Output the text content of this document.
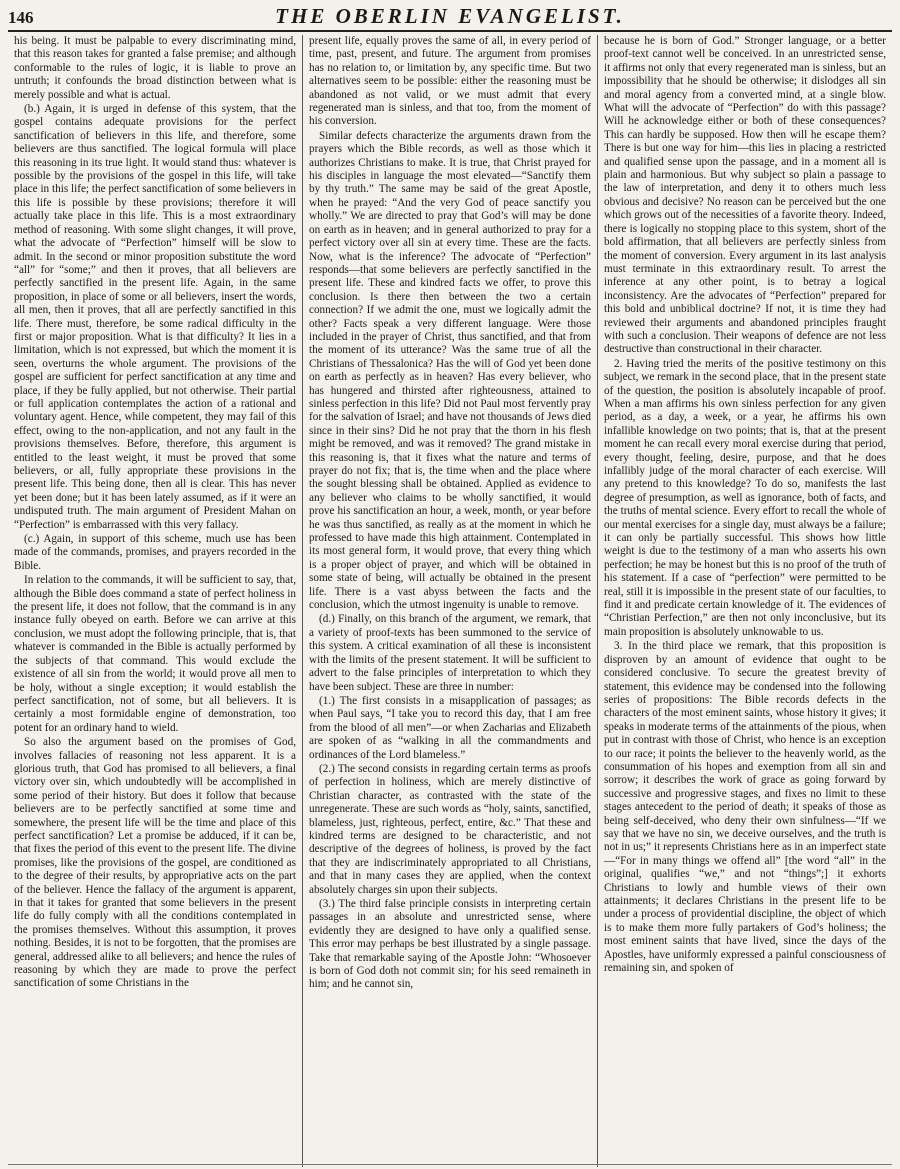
146	THE OBERLIN EVANGELIST.

his being. It must be palpable to every discriminating mind, that this reason takes for granted a false premise; and although conformable to the rules of logic, it is liable to prove an untruth; it confounds the broad distinction between what is merely possible and what is actual.

(b.) Again, it is urged in defense of this system, that the gospel contains adequate provisions for the perfect sanctification of believers in this life, and therefore, some believers are thus sanctified. The logical formula will place this reasoning in its true light. It would stand thus: whatever is possible by the provisions of the gospel in this life, will take place in this life; the perfect sanctification of some believers in this life is possible by these provisions; therefore it will actually take place in this life. This is a most extraordinary method of reasoning. With some slight changes, it will prove, what the advocate of “Perfection” himself will be slow to admit. In the second or minor proposition substitute the word “all” for “some;” and then it proves, that all believers are perfectly sanctified in the present life. Again, in the same proposition, in place of some or all believers, insert the words, all men, then it proves, that all are perfectly sanctified in this life. There must, therefore, be some radical difficulty in the first or major proposition. What is that difficulty? It lies in a limitation, which is not expressed, but which the moment it is seen, overturns the whole argument. The provisions of the gospel are sufficient for perfect sanctification at any time and place, if they be fully applied, but not otherwise. Their partial or full application contemplates the action of a rational and voluntary agent. Hence, while competent, they may fail of this effect, owing to the non-application, and not any fault in the provisions themselves. Before, therefore, this argument is entitled to the least weight, it must be proved that some believers, or all, fully appropriate these provisions in the present life. This being done, then all is clear. This has never yet been done; but it has been lately assumed, as if it were an undisputed truth. The main argument of President Mahan on “Perfection” is embarrassed with this very fallacy.

(c.) Again, in support of this scheme, much use has been made of the commands, promises, and prayers recorded in the Bible.

In relation to the commands, it will be sufficient to say, that, although the Bible does command a state of perfect holiness in the present life, it does not follow, that the command is in any instance fully obeyed on earth. Before we can arrive at this conclusion, we must adopt the following principle, that is, that whatever is commanded in the Bible is actually performed by the subjects of that command. This would exclude the existence of all sin from the world; it would prove all men to be holy, without a single exception; it would establish the perfect sanctification, not of some, but all believers. It is certainly a most formidable engine of demonstration, too potent for an ordinary hand to wield.

So also the argument based on the promises of God, involves fallacies of reasoning not less apparent. It is a glorious truth, that God has promised to all believers, a final victory over sin, which undoubtedly will be accomplished in some period of their history. But does it follow that because believers are to be perfectly sanctified at some time and somewhere, the present life will be the time and place of this perfect sanctification? Let a promise be adduced, if it can be, that fixes the period of this event to the present life. The divine promises, like the provisions of the gospel, are conditioned as to the degree of their results, by appropriative acts on the part of the believer. Hence the fallacy of the argument is apparent, in that it takes for granted that some believers in the present life do fully comply with all the conditions contemplated in the promises themselves. Without this assumption, it proves nothing. Besides, it is not to be forgotten, that the promises are general, addressed alike to all believers; and hence the rules of reasoning by which they are made to prove the perfect sanctification of some Christians in the

present life, equally proves the same of all, in every period of time, past, present, and future. The argument from promises has no relation to, or limitation by, any specific time. But two alternatives seem to be possible: either the reasoning must be abandoned as not valid, or we must admit that every regenerated man is sinless, and that too, from the moment of his conversion.

Similar defects characterize the arguments drawn from the prayers which the Bible records, as well as those which it authorizes Christians to make. It is true, that Christ prayed for his disciples in language the most elevated—“Sanctify them by thy truth.” The same may be said of the great Apostle, when he prayed: “And the very God of peace sanctify you wholly.” We are directed to pray that God’s will may be done on earth as in heaven; and in general authorized to pray for a perfect victory over all sin at every time. These are the facts. Now, what is the inference? The advocate of “Perfection” responds—that some believers are perfectly sanctified in the present life. These and kindred facts we offer, to prove this conclusion. Is there then between the two a certain connection? If we admit the one, must we logically admit the other? Facts speak a very different language. Were those included in the prayer of Christ, thus sanctified, and that from the moment of its utterance? Was the same true of all the Christians of Thessalonica? Has the will of God yet been done on earth as perfectly as in heaven? Has every believer, who has hungered and thirsted after righteousness, attained to sinless perfection in this life? Did not Paul most fervently pray for the salvation of Israel; and have not thousands of Jews died since in their sins? Did he not pray that the thorn in his flesh might be removed, and was it removed? The grand mistake in this reasoning is, that it fixes what the nature and terms of prayer do not fix; that is, the time when and the place where the sought blessing shall be obtained. Applied as evidence to any believer who claims to be wholly sanctified, it would prove his sanctification an hour, a week, month, or year before he was thus sanctified, as really as at the moment in which he professed to have made this high attainment. Contemplated in its most general form, it would prove, that every thing which is a proper object of prayer, and which will be obtained in some state of being, will actually be obtained in the present life. There is a vast abyss between the facts and the conclusion, which the utmost ingenuity is unable to remove.

(d.) Finally, on this branch of the argument, we remark, that a variety of proof-texts has been summoned to the service of this system. A critical examination of all these is inconsistent with the limits of the present statement. It will be sufficient to advert to the false principles of interpretation to which they have been subject. These are three in number:

(1.) The first consists in a misapplication of passages; as when Paul says, “I take you to record this day, that I am free from the blood of all men”—or when Zacharias and Elizabeth are spoken of as “walking in all the commandments and ordinances of the Lord blameless.”

(2.) The second consists in regarding certain terms as proofs of perfection in holiness, which are merely distinctive of Christian character, as contrasted with the state of the unregenerate. These are such words as “holy, saints, sanctified, blameless, just, righteous, perfect, entire, &c.” That these and kindred terms are designed to be characteristic, and not descriptive of the degrees of holiness, is proved by the fact that they are indiscriminately appropriated to all Christians, and that in many cases they are applied, when the context absolutely charges sin upon their subjects.

(3.) The third false principle consists in interpreting certain passages in an absolute and unrestricted sense, where evidently they are designed to have only a qualified sense. This error may perhaps be best illustrated by a single passage. Take that remarkable saying of the Apostle John: “Whosoever is born of God doth not commit sin; for his seed remaineth in him; and he cannot sin,

because he is born of God.” Stronger language, or a better proof-text cannot well be conceived. In an unrestricted sense, it affirms not only that every regenerated man is sinless, but an impossibility that he should be otherwise; it dislodges all sin and moral agency from a converted mind, at a single blow. What will the advocate of “Perfection” do with this passage? Will he acknowledge either or both of these consequences? This can hardly be supposed. How then will he escape them? There is but one way for him—this lies in placing a restricted and qualified sense upon the passage, and in a moment all is plain and harmonious. But why subject so plain a passage to the law of interpretation, and deny it to others much less obvious and decisive? No reason can be perceived but the one which grows out of the necessities of a favorite theory. Indeed, there is logically no stopping place to this system, short of the bold affirmation, that all believers are perfectly sinless from the moment of conversion. Every argument in its last analysis must terminate in this extraordinary result. To arrest the inference at any other point, is to betray a logical inconsistency. Are the advocates of “Perfection” prepared for this bold and unbiblical doctrine? If not, it is time they had reviewed their arguments and abandoned principles fraught with such a conclusion. Their weapons of defence are not less destructive than constructional in their character.

2. Having tried the merits of the positive testimony on this subject, we remark in the second place, that in the present state of the question, the position is absolutely incapable of proof. When a man affirms his own sinless perfection for any given period, as a day, a week, or a year, he affirms his own infallible knowledge on two points; that is, that at the present moment he can recall every moral exercise during that period, every thought, feeling, desire, purpose, and that he does infallibly judge of the moral character of each exercise. Will any pretend to this knowledge? To do so, manifests the last degree of presumption, as well as ignorance, both of facts, and the truths of mental science. Every effort to recall the whole of our mental exercises for a single day, must always be a failure; it can only be partially successful. This shows how little weight is due to the testimony of a man who asserts his own perfection; he may be honest but this is no proof of the truth of his statement. If a case of “perfection” were permitted to be real, still it is impossible in the present state of our faculties, to find it and predicate certain knowledge of it. The evidences of “Christian Perfection,” are then not only inconclusive, but its main proposition is absolutely unknowable to us.

3. In the third place we remark, that this proposition is disproven by an amount of evidence that ought to be considered conclusive. To secure the greatest brevity of statement, this evidence may be condensed into the following series of propositions: The Bible records defects in the characters of the most eminent saints, whose history it gives; it speaks in moderate terms of the attainments of the pious, when put in contrast with those of Christ, who hence is an exception to our race; it points the believer to the heavenly world, as the consummation of his hopes and exemption from all sin and sorrow; it describes the work of grace as going forward by successive and progressive stages, and fixes no limit to these stages antecedent to the period of death; it speaks of those as being self-deceived, who deny their own sinfulness—“If we say that we have no sin, we deceive ourselves, and the truth is not in us;” it represents Christians here as in an imperfect state—“For in many things we offend all” [the word “all” in the original, qualifies “we,” and not “things”;] it exhorts Christians to lowly and humble views of their own attainments; it declares Christians in the present life to be under a process of providential discipline, the object of which is to make them more fully partakers of God’s holiness; the most eminent saints that have lived, since the days of the Apostles, have uniformly expressed a painful consciousness of remaining sin, and spoken of
